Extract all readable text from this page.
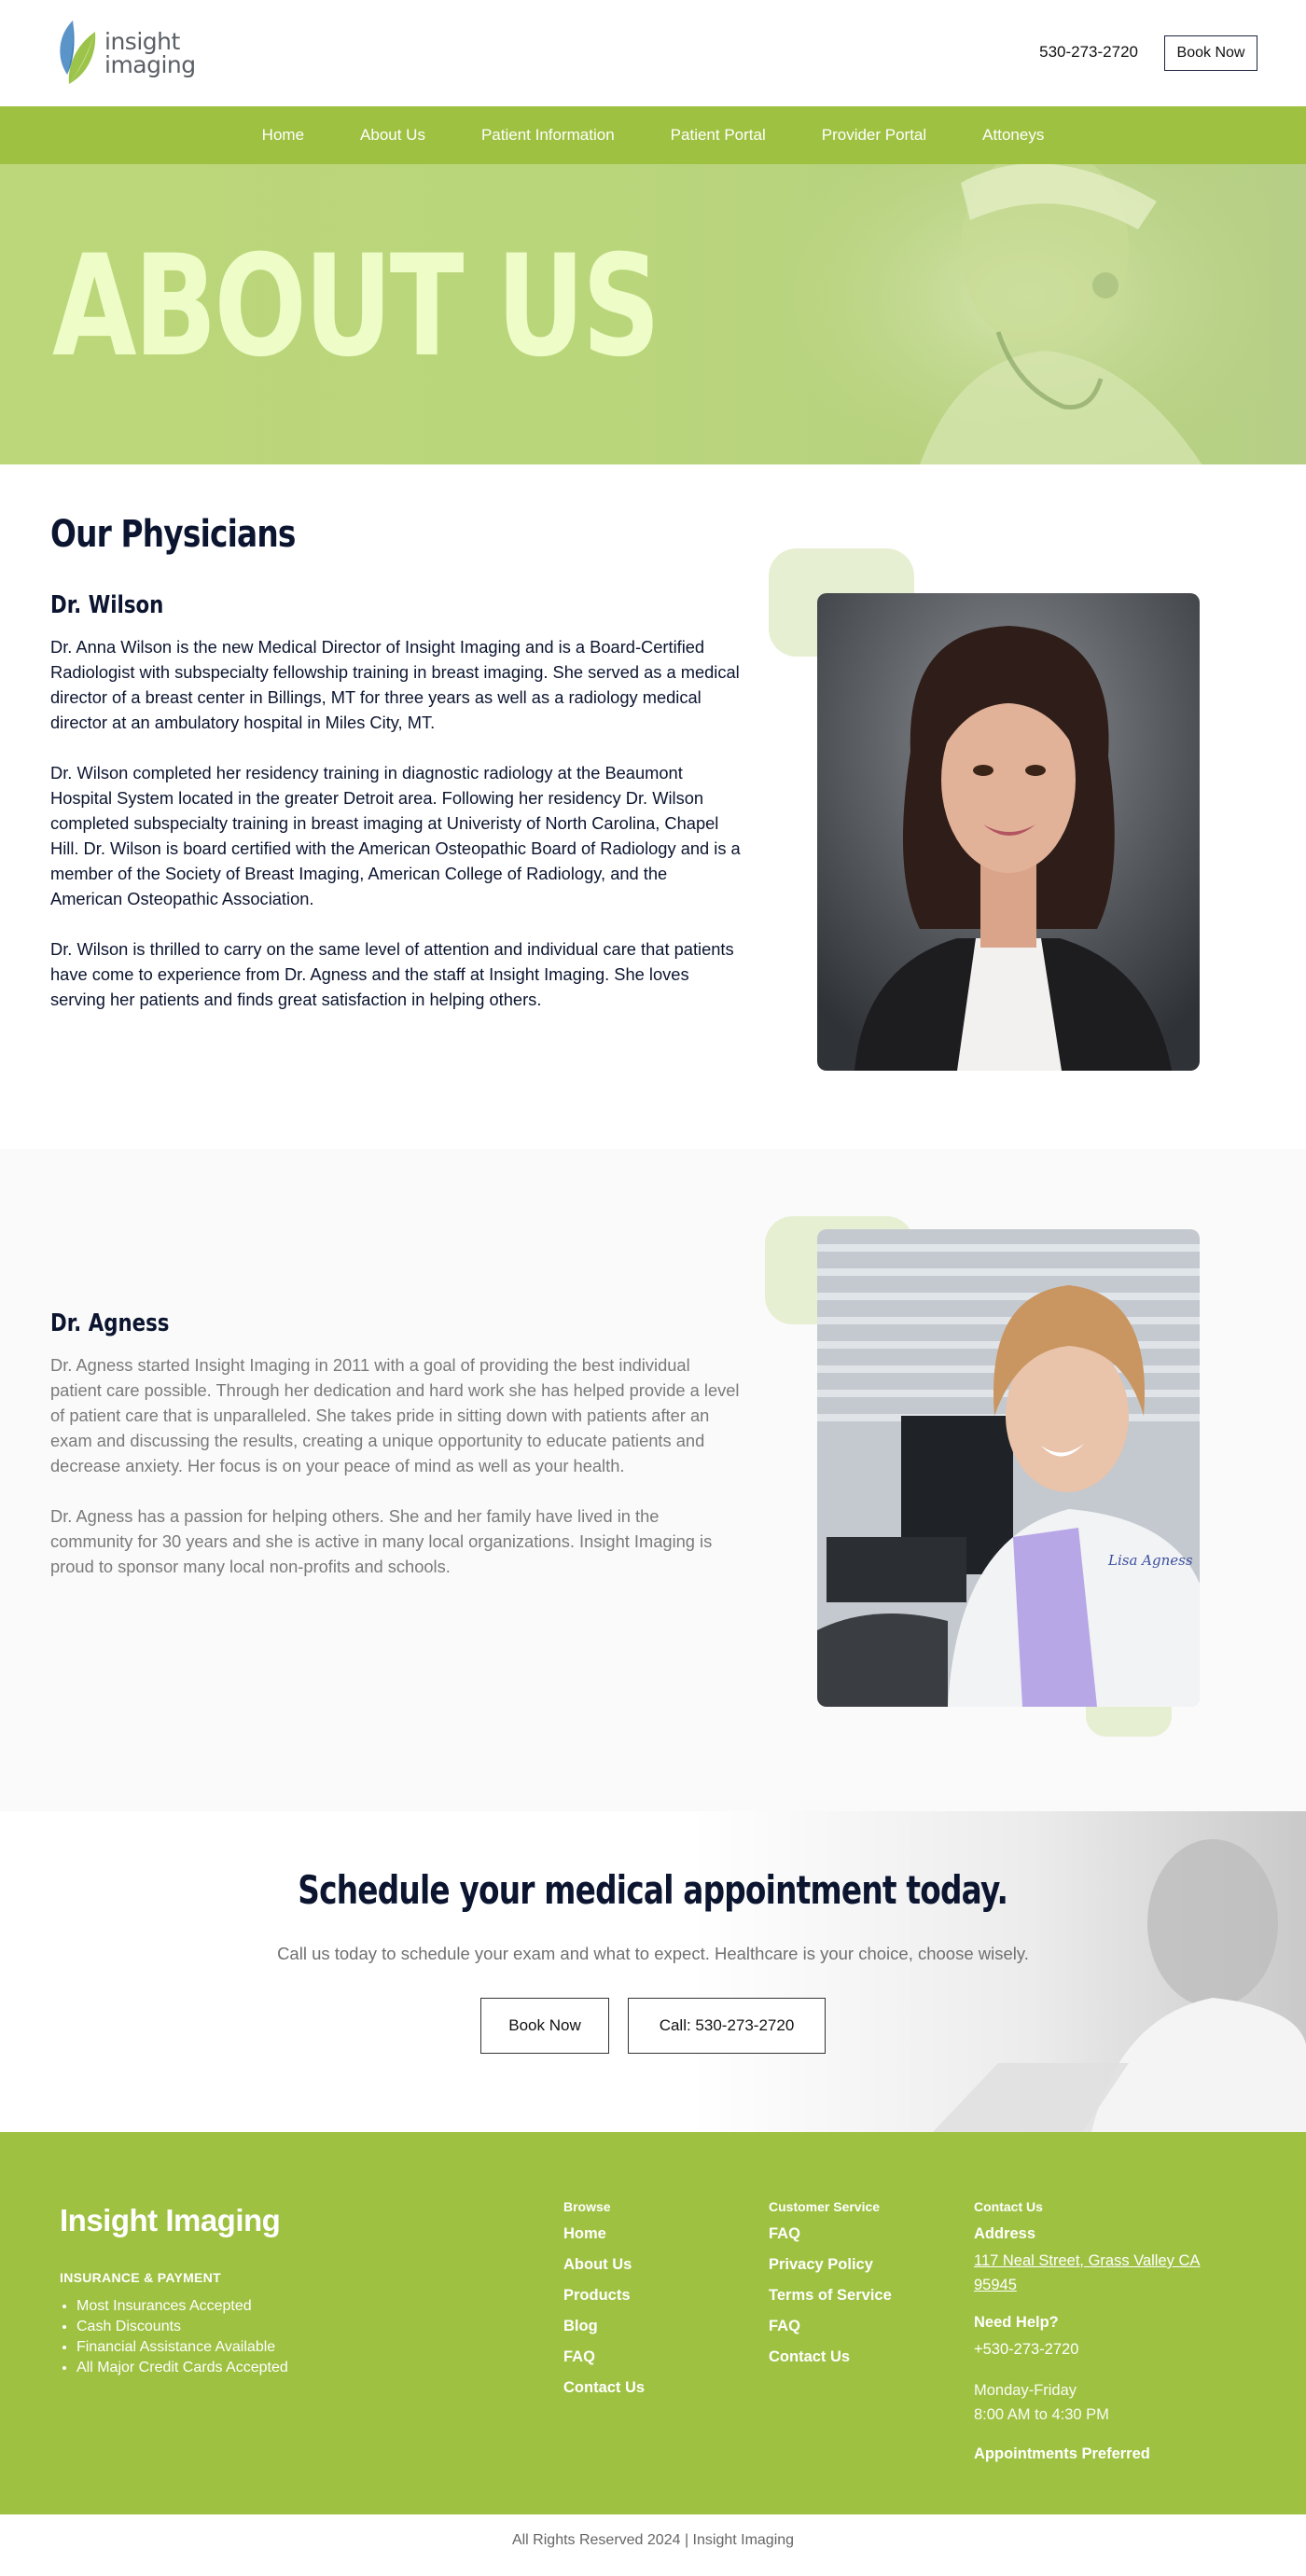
insight
imaging	530-273-2720	Book Now
Home	About Us	Patient Information	Patient Portal	Provider Portal	Attoneys
ABOUT US
Our Physicians
Dr. Wilson

Dr. Anna Wilson is the new Medical Director of Insight Imaging and is a Board-Certified Radiologist with subspecialty fellowship training in breast imaging. She served as a medical director of a breast center in Billings, MT for three years as well as a radiology medical director at an ambulatory hospital in Miles City, MT.

Dr. Wilson completed her residency training in diagnostic radiology at the Beaumont Hospital System located in the greater Detroit area. Following her residency Dr. Wilson completed subspecialty training in breast imaging at Univeristy of North Carolina, Chapel Hill. Dr. Wilson is board certified with the American Osteopathic Board of Radiology and is a member of the Society of Breast Imaging, American College of Radiology, and the American Osteopathic Association.

Dr. Wilson is thrilled to carry on the same level of attention and individual care that patients have come to experience from Dr. Agness and the staff at Insight Imaging. She loves serving her patients and finds great satisfaction in helping others.

Dr. Agness

Dr. Agness started Insight Imaging in 2011 with a goal of providing the best individual patient care possible. Through her dedication and hard work she has helped provide a level of patient care that is unparalleled. She takes pride in sitting down with patients after an exam and discussing the results, creating a unique opportunity to educate patients and decrease anxiety. Her focus is on your peace of mind as well as your health.

Dr. Agness has a passion for helping others. She and her family have lived in the community for 30 years and she is active in many local organizations. Insight Imaging is proud to sponsor many local non-profits and schools.	Lisa Agness
Schedule your medical appointment today.
Call us today to schedule your exam and what to expect. Healthcare is your choice, choose wisely.
Book Now	Call: 530-273-2720
Insight Imaging
INSURANCE & PAYMENT
• Most Insurances Accepted
• Cash Discounts
• Financial Assistance Available
• All Major Credit Cards Accepted
Browse
Home
About Us
Products
Blog
FAQ
Contact Us
Customer Service
FAQ
Privacy Policy
Terms of Service
FAQ
Contact Us
Contact Us
Address
117 Neal Street, Grass Valley CA
95945
Need Help?
+530-273-2720
Monday-Friday
8:00 AM to 4:30 PM
Appointments Preferred
All Rights Reserved 2024 | Insight Imaging
